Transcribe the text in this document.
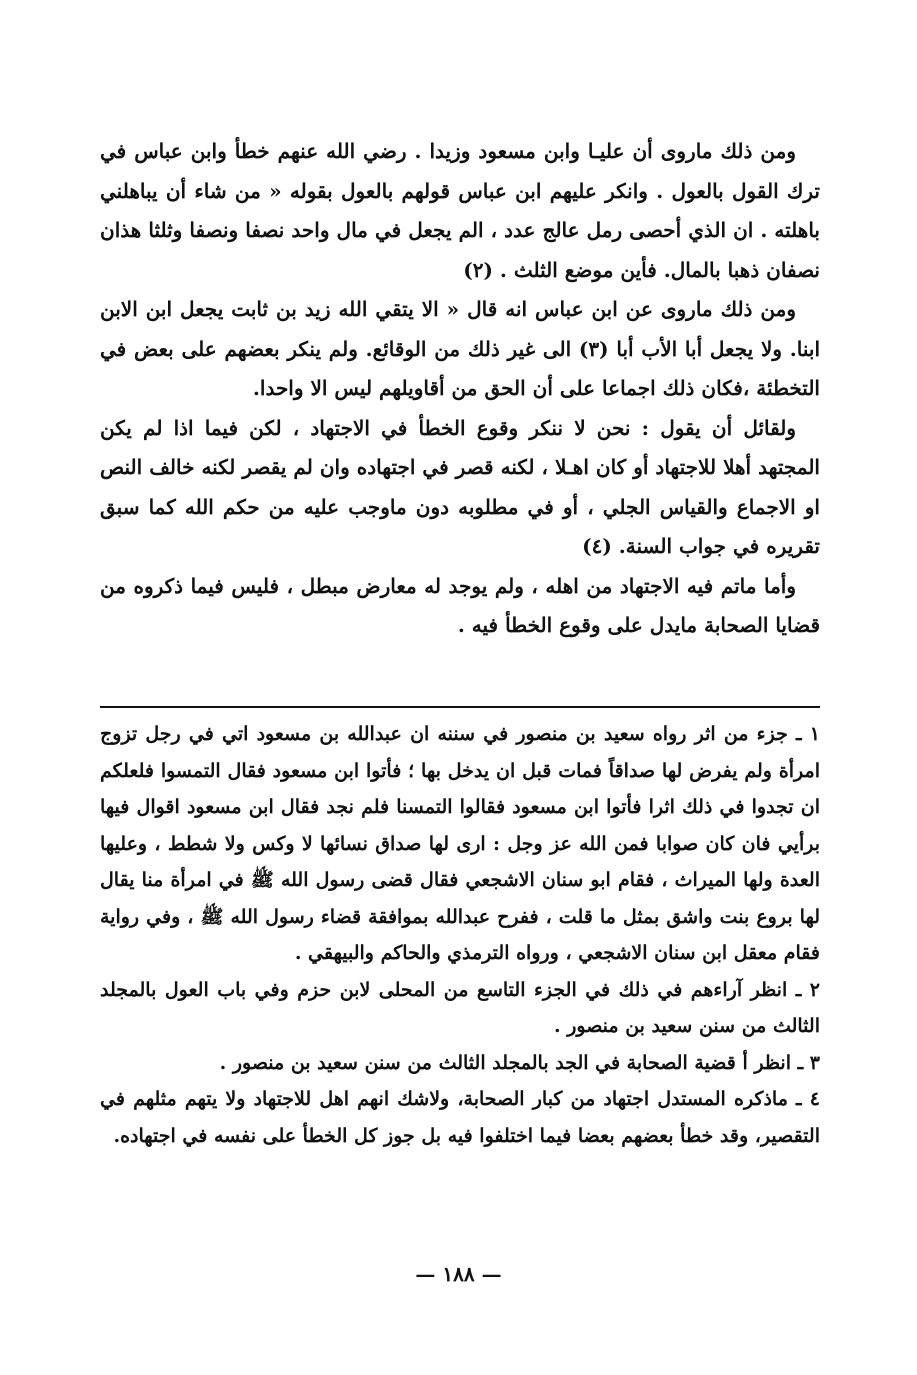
ومن ذلك ماروى أن عليـا وابن مسعود وزيدا . رضي الله عنهم خطأ وابن عباس في ترك القول بالعول . وانكر عليهم ابن عباس قولهم بالعول بقوله « من شاء أن يباهلني باهلته . ان الذي أحصى رمل عالج عدد ، الم يجعل في مال واحد نصفا ونصفا وثلثا هذان نصفان ذهبا بالمال. فأين موضع الثلث . (٢)

ومن ذلك ماروى عن ابن عباس انه قال « الا يتقي الله زيد بن ثابت يجعل ابن الابن ابنا. ولا يجعل أبا الأب أبا (٣) الى غير ذلك من الوقائع. ولم ينكر بعضهم على بعض في التخطئة ،فكان ذلك اجماعا على أن الحق من أقاويلهم ليس الا واحدا.

ولقائل أن يقول : نحن لا ننكر وقوع الخطأ في الاجتهاد ، لكن فيما اذا لم يكن المجتهد أهلا للاجتهاد أو كان اهـلا ، لكنه قصر في اجتهاده وان لم يقصر لكنه خالف النص او الاجماع والقياس الجلي ، أو في مطلوبه دون ماوجب عليه من حكم الله كما سبق تقريره في جواب السنة. (٤)

وأما ماتم فيه الاجتهاد من اهله ، ولم يوجد له معارض مبطل ، فليس فيما ذكروه من قضايا الصحابة مايدل على وقوع الخطأ فيه .

١ ـ جزء من اثر رواه سعيد بن منصور في سننه ان عبدالله بن مسعود اتي في رجل تزوج امرأة ولم يفرض لها صداقاً فمات قبل ان يدخل بها ؛ فأتوا ابن مسعود فقال التمسوا فلعلكم ان تجدوا في ذلك اثرا فأتوا ابن مسعود فقالوا التمسنا فلم نجد فقال ابن مسعود اقوال فيها برأيي فان كان صوابا فمن الله عز وجل : ارى لها صداق نسائها لا وكس ولا شطط ، وعليها العدة ولها الميراث ، فقام ابو سنان الاشجعي فقال قضى رسول الله ﷺ في امرأة منا يقال لها بروع بنت واشق بمثل ما قلت ، ففرح عبدالله بموافقة قضاء رسول الله ﷺ ، وفي رواية فقام معقل ابن سنان الاشجعي ، ورواه الترمذي والحاكم والبيهقي .

٢ ـ انظر آراءهم في ذلك في الجزء التاسع من المحلى لابن حزم وفي باب العول بالمجلد الثالث من سنن سعيد بن منصور .

٣ ـ انظر أ قضية الصحابة في الجد بالمجلد الثالث من سنن سعيد بن منصور .

٤ ـ ماذكره المستدل اجتهاد من كبار الصحابة، ولاشك انهم اهل للاجتهاد ولا يتهم مثلهم في التقصير، وقد خطأ بعضهم بعضا فيما اختلفوا فيه بل جوز كل الخطأ على نفسه في اجتهاده.

— ١٨٨ —
